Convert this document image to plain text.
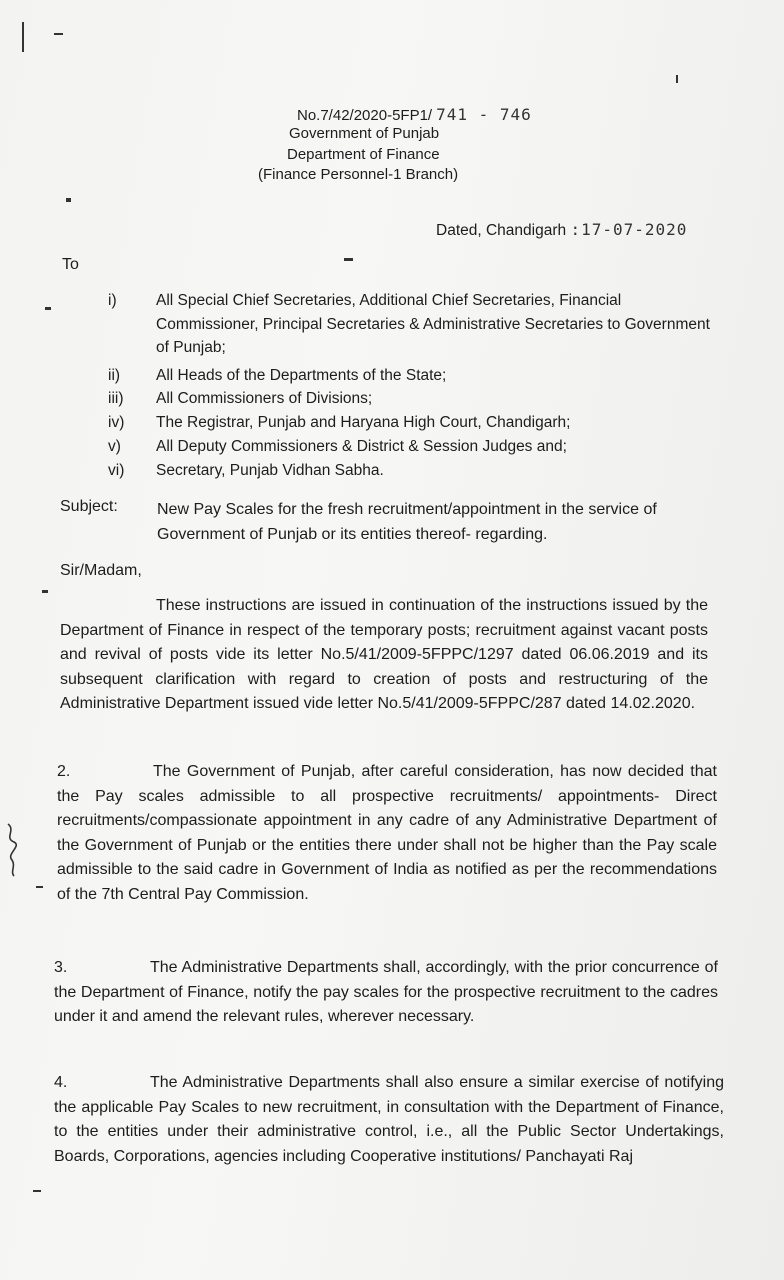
No.7/42/2020-5FP1/ 741 - 746
Government of Punjab
Department of Finance
(Finance Personnel-1 Branch)
Dated, Chandigarh :17-07-2020
To
i)	All Special Chief Secretaries, Additional Chief Secretaries, Financial Commissioner, Principal Secretaries & Administrative Secretaries to Government of Punjab;
ii)	All Heads of the Departments of the State;
iii)	All Commissioners of Divisions;
iv)	The Registrar, Punjab and Haryana High Court, Chandigarh;
v)	All Deputy Commissioners & District & Session Judges and;
vi)	Secretary, Punjab Vidhan Sabha.
Subject: New Pay Scales for the fresh recruitment/appointment in the service of Government of Punjab or its entities thereof- regarding.
Sir/Madam,
These instructions are issued in continuation of the instructions issued by the Department of Finance in respect of the temporary posts; recruitment against vacant posts and revival of posts vide its letter No.5/41/2009-5FPPC/1297 dated 06.06.2019 and its subsequent clarification with regard to creation of posts and restructuring of the Administrative Department issued vide letter No.5/41/2009-5FPPC/287 dated 14.02.2020.
2.	The Government of Punjab, after careful consideration, has now decided that the Pay scales admissible to all prospective recruitments/ appointments- Direct recruitments/compassionate appointment in any cadre of any Administrative Department of the Government of Punjab or the entities there under shall not be higher than the Pay scale admissible to the said cadre in Government of India as notified as per the recommendations of the 7th Central Pay Commission.
3.	The Administrative Departments shall, accordingly, with the prior concurrence of the Department of Finance, notify the pay scales for the prospective recruitment to the cadres under it and amend the relevant rules, wherever necessary.
4.	The Administrative Departments shall also ensure a similar exercise of notifying the applicable Pay Scales to new recruitment, in consultation with the Department of Finance, to the entities under their administrative control, i.e., all the Public Sector Undertakings, Boards, Corporations, agencies including Cooperative institutions/ Panchayati Raj
